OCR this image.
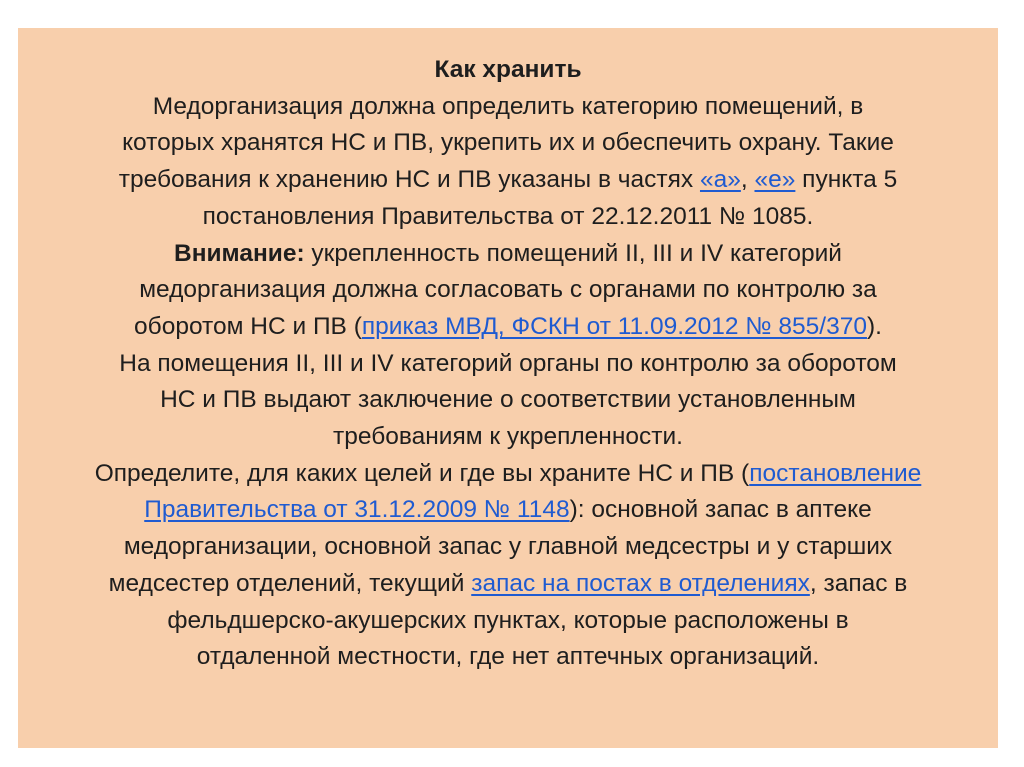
Как хранить
Медорганизация должна определить категорию помещений, в
которых хранятся НС и ПВ, укрепить их и обеспечить охрану. Такие
требования к хранению НС и ПВ указаны в частях «а», «е» пункта 5
постановления Правительства от 22.12.2011 № 1085.
Внимание: укрепленность помещений II, III и IV категорий
медорганизация должна согласовать с органами по контролю за
оборотом НС и ПВ (приказ МВД, ФСКН от 11.09.2012 № 855/370).
На помещения II, III и IV категорий органы по контролю за оборотом
НС и ПВ выдают заключение о соответствии установленным
требованиям к укрепленности.
Определите, для каких целей и где вы храните НС и ПВ (постановление
Правительства от 31.12.2009 № 1148): основной запас в аптеке
медорганизации, основной запас у главной медсестры и у старших
медсестер отделений, текущий запас на постах в отделениях, запас в
фельдшерско-акушерских пунктах, которые расположены в
отдаленной местности, где нет аптечных организаций.
